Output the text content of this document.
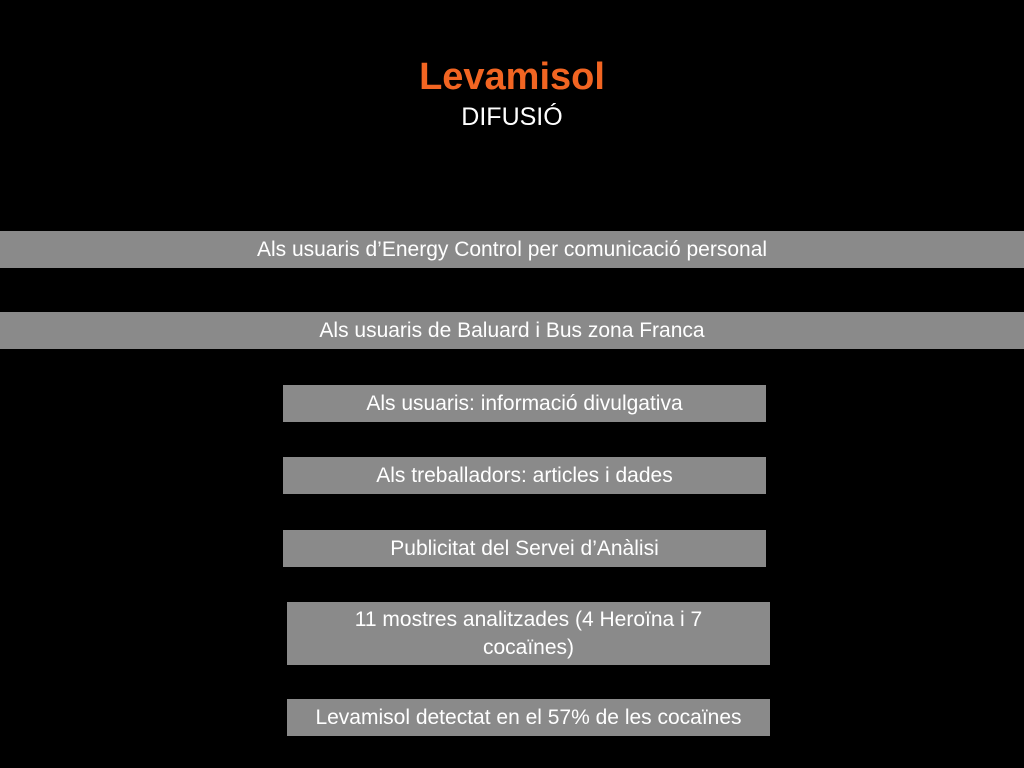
Levamisol
DIFUSIÓ
Als usuaris d’Energy Control per comunicació personal
Als usuaris de Baluard i Bus zona Franca
Als usuaris: informació divulgativa
Als treballadors: articles i dades
Publicitat del Servei d’Anàlisi
11 mostres analitzades (4 Heroïna i 7 cocaïnes)
Levamisol detectat en el 57% de les cocaïnes
